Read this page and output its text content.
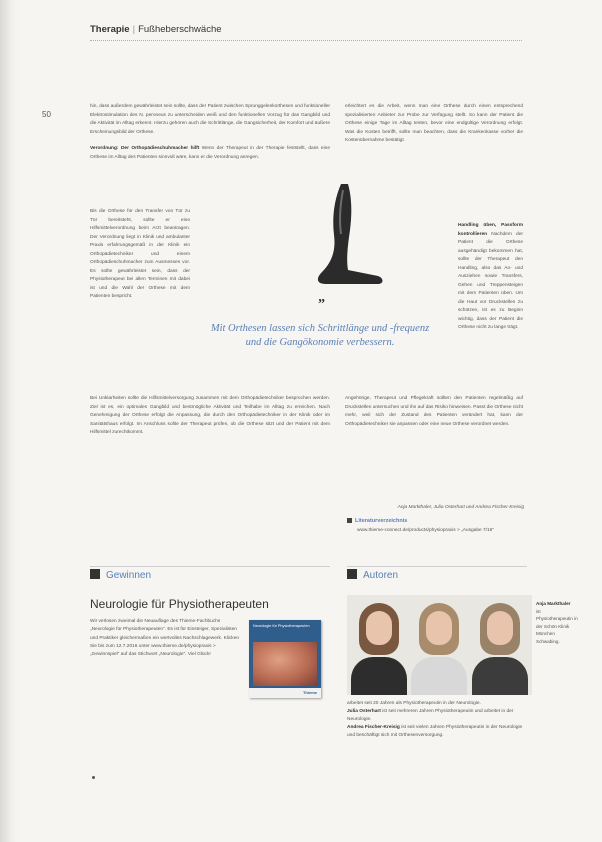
Therapie | Fußheberschwäche
50

hin, dass außerdem gewährleistet sein sollte, dass der Patient zwischen Sprunggelenkorthesen und funktioneller Elektrostimulation des N. peroneus zu unterscheiden weiß und den funktionellen Vorzug für das Gangbild und die Aktivität im Alltag erkennt. Hierzu gehören auch die Schrittlänge, die Gangsicherheit, der Komfort und äußere Erscheinungsbild der Orthese.

Verordnung: Der Orthopädieschuhmacher hilft Wenn der Therapeut in der Therapie feststellt, dass eine Orthese im Alltag des Patienten sinnvoll wäre, kann er die Verordnung anregen.

Bis die Orthese für den Transfer von Tür zu Tür bereitsteht, sollte er eine Hilfsmittelverordnung beim Arzt beantragen. Der Verordnung liegt in Klinik und ambulanter Praxis erfahrungsgemäß in der Klinik ein Orthopädietechniker und einem Orthopädieschuhmacher zum Ausmessen vor. Es sollte gewährleistet sein, dass der Physiotherapeut bei allen Terminen mit dabei ist und die Wahl der Orthese mit dem Patienten bespricht.

erleichtert es die Arbeit, wenn man eine Orthese durch einen entsprechend spezialisierten Anbieter zur Probe zur Verfügung stellt. So kann der Patient die Orthese einige Tage im Alltag testen, bevor eine endgültige Verordnung erfolgt. Was die Kosten betrifft, sollte man beachten, dass die Krankenkasse vorher die Kostenübernahme bestätigt.

Handling üben, Passform kontrollieren Nachdem der Patient die Orthese ausgehändigt bekommen hat, sollte der Therapeut den Handling, also das An- und Ausziehen sowie Transfers, Gehen und Treppensteigen mit dem Patienten üben. Um die Haut vor Druckstellen zu schützen, ist es zu Beginn wichtig, dass der Patient die Orthese nicht zu lange trägt.

”
Mit Orthesen lassen sich Schrittlänge und -frequenz und die Gangökonomie verbessern.

Bei Unklarheiten sollte die Hilfsmittelversorgung zusammen mit dem Orthopädietechniker besprochen werden. Ziel ist es, ein optimales Gangbild und bestmögliche Aktivität und Teilhabe im Alltag zu erreichen. Nach Genehmigung der Orthese erfolgt die Anpassung, die durch den Orthopädietechniker in der Klinik oder im Sanitätshaus erfolgt. Im Anschluss sollte der Therapeut prüfen, ob die Orthese sitzt und der Patient mit dem Hilfsmittel zurechtkommt.

Angehörige, Therapeut und Pflegekraft sollten den Patienten regelmäßig auf Druckstellen untersuchen und ihn auf das Risiko hinweisen. Passt die Orthese nicht mehr, weil sich der Zustand des Patienten verändert hat, kann der Orthopädietechniker sie anpassen oder eine neue Orthese verordnet werden.

Anja Markthaler, Julia Osterhart und Andrea Fischer-Kreisig
Literaturverzeichnis
www.thieme-connect.de/products/physiopraxis > „Ausgabe 7/16“
Gewinnen
Neurologie für Physiotherapeuten
Wir verlosen zweimal die Neuauflage des Thieme-Fachbuchs „Neurologie für Physiotherapeuten“. Es ist für Einsteiger, Spezialisten und Praktiker gleichermaßen ein wertvolles Nachschlagewerk. Klicken Sie bis zum 12.7.2016 unter www.thieme.de/physiopraxis > „Gewinnspiel“ auf das Stichwort „Neurologie“. Viel Glück!
Neurologie für Physiotherapeuten
Thieme
Autoren
Anja Markthaler
ist Physiotherapeutin in der Schön Klinik München Schwabing.
arbeitet seit 20 Jahren als Physiotherapeutin in der Neurologie.
Julia Osterhart ist seit mehreren Jahren Physiotherapeutin und arbeitet in der Neurologie.
Andrea Fischer-Kreisig ist seit vielen Jahren Physiotherapeutin in der Neurologie und beschäftigt sich mit Orthesenversorgung.
